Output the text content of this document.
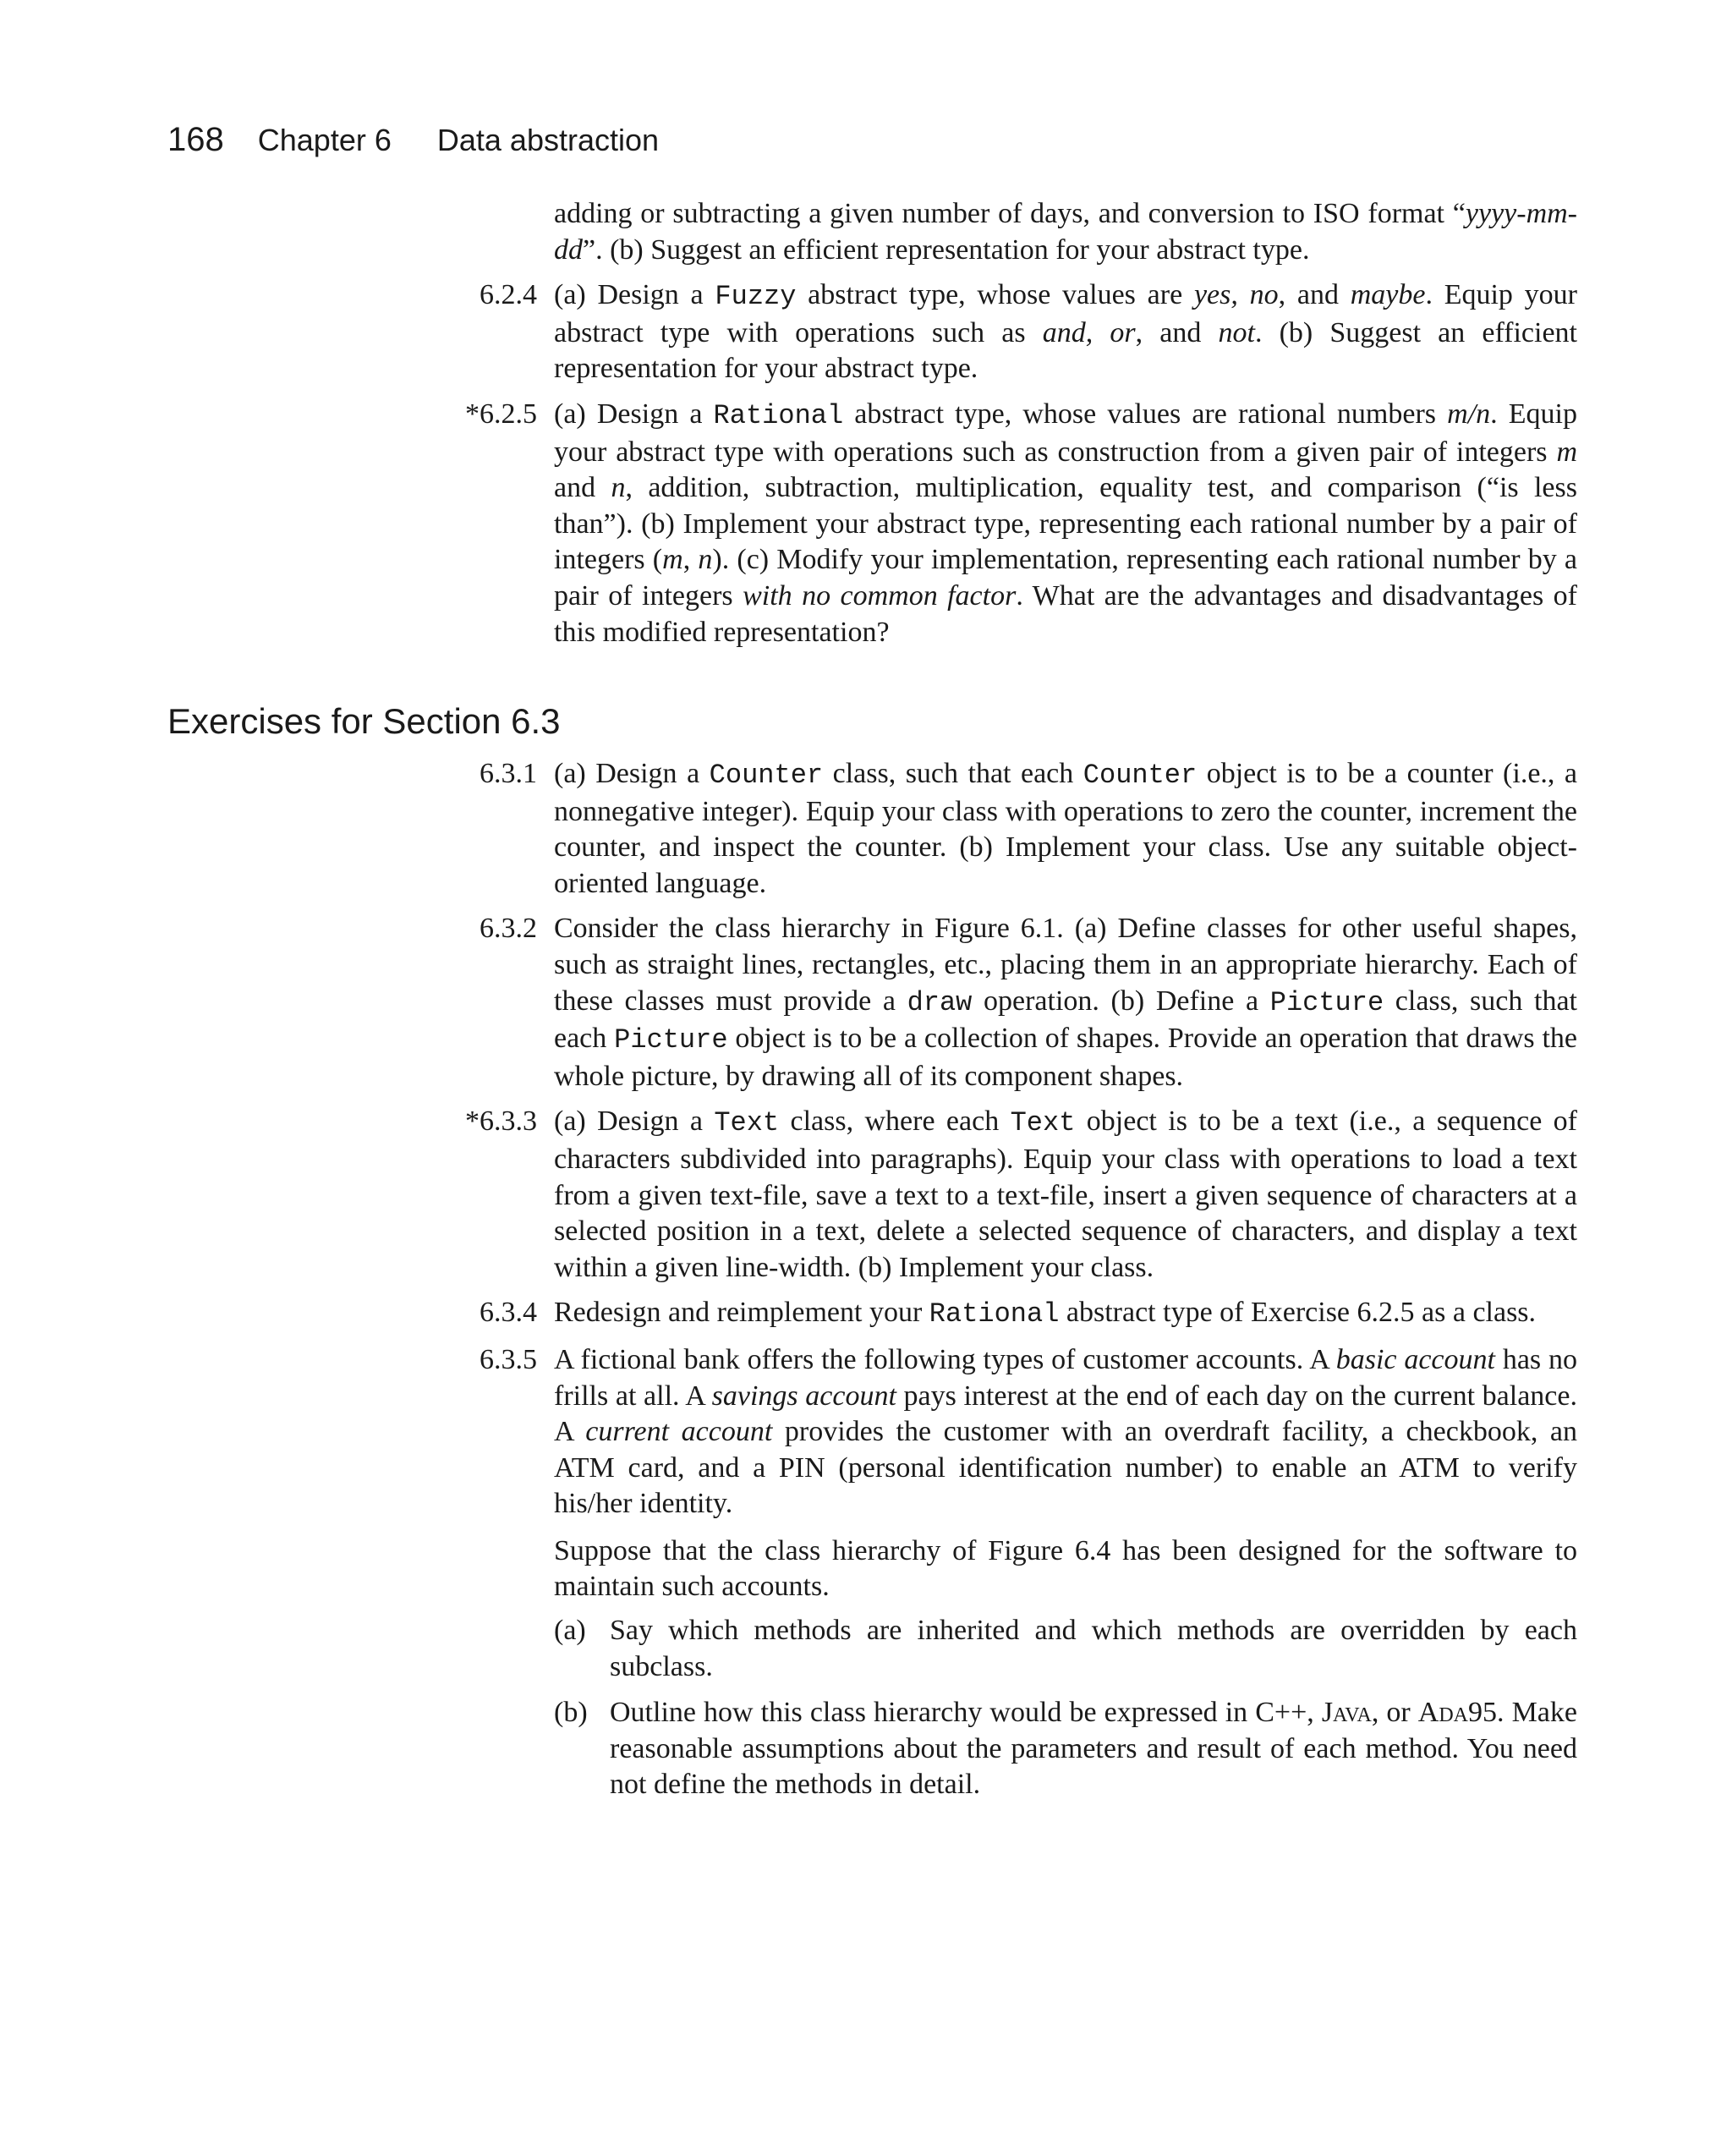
168 Chapter 6 Data abstraction

adding or subtracting a given number of days, and conversion to ISO format “yyyy-mm-dd”. (b) Suggest an efficient representation for your abstract type.

6.2.4 (a) Design a Fuzzy abstract type, whose values are yes, no, and maybe. Equip your abstract type with operations such as and, or, and not. (b) Suggest an efficient representation for your abstract type.

*6.2.5 (a) Design a Rational abstract type, whose values are rational numbers m/n. Equip your abstract type with operations such as construction from a given pair of integers m and n, addition, subtraction, multiplication, equality test, and comparison (“is less than”). (b) Implement your abstract type, representing each rational number by a pair of integers (m, n). (c) Modify your implementation, representing each rational number by a pair of integers with no common factor. What are the advantages and disadvantages of this modified representation?

Exercises for Section 6.3

6.3.1 (a) Design a Counter class, such that each Counter object is to be a counter (i.e., a nonnegative integer). Equip your class with operations to zero the counter, increment the counter, and inspect the counter. (b) Implement your class. Use any suitable object-oriented language.

6.3.2 Consider the class hierarchy in Figure 6.1. (a) Define classes for other useful shapes, such as straight lines, rectangles, etc., placing them in an appropriate hierarchy. Each of these classes must provide a draw operation. (b) Define a Picture class, such that each Picture object is to be a collection of shapes. Provide an operation that draws the whole picture, by drawing all of its component shapes.

*6.3.3 (a) Design a Text class, where each Text object is to be a text (i.e., a sequence of characters subdivided into paragraphs). Equip your class with operations to load a text from a given text-file, save a text to a text-file, insert a given sequence of characters at a selected position in a text, delete a selected sequence of characters, and display a text within a given line-width. (b) Implement your class.

6.3.4 Redesign and reimplement your Rational abstract type of Exercise 6.2.5 as a class.

6.3.5 A fictional bank offers the following types of customer accounts. A basic account has no frills at all. A savings account pays interest at the end of each day on the current balance. A current account provides the customer with an overdraft facility, a checkbook, an ATM card, and a PIN (personal identification number) to enable an ATM to verify his/her identity.

Suppose that the class hierarchy of Figure 6.4 has been designed for the software to maintain such accounts.

(a) Say which methods are inherited and which methods are overridden by each subclass.

(b) Outline how this class hierarchy would be expressed in C++, Java, or Ada95. Make reasonable assumptions about the parameters and result of each method. You need not define the methods in detail.
